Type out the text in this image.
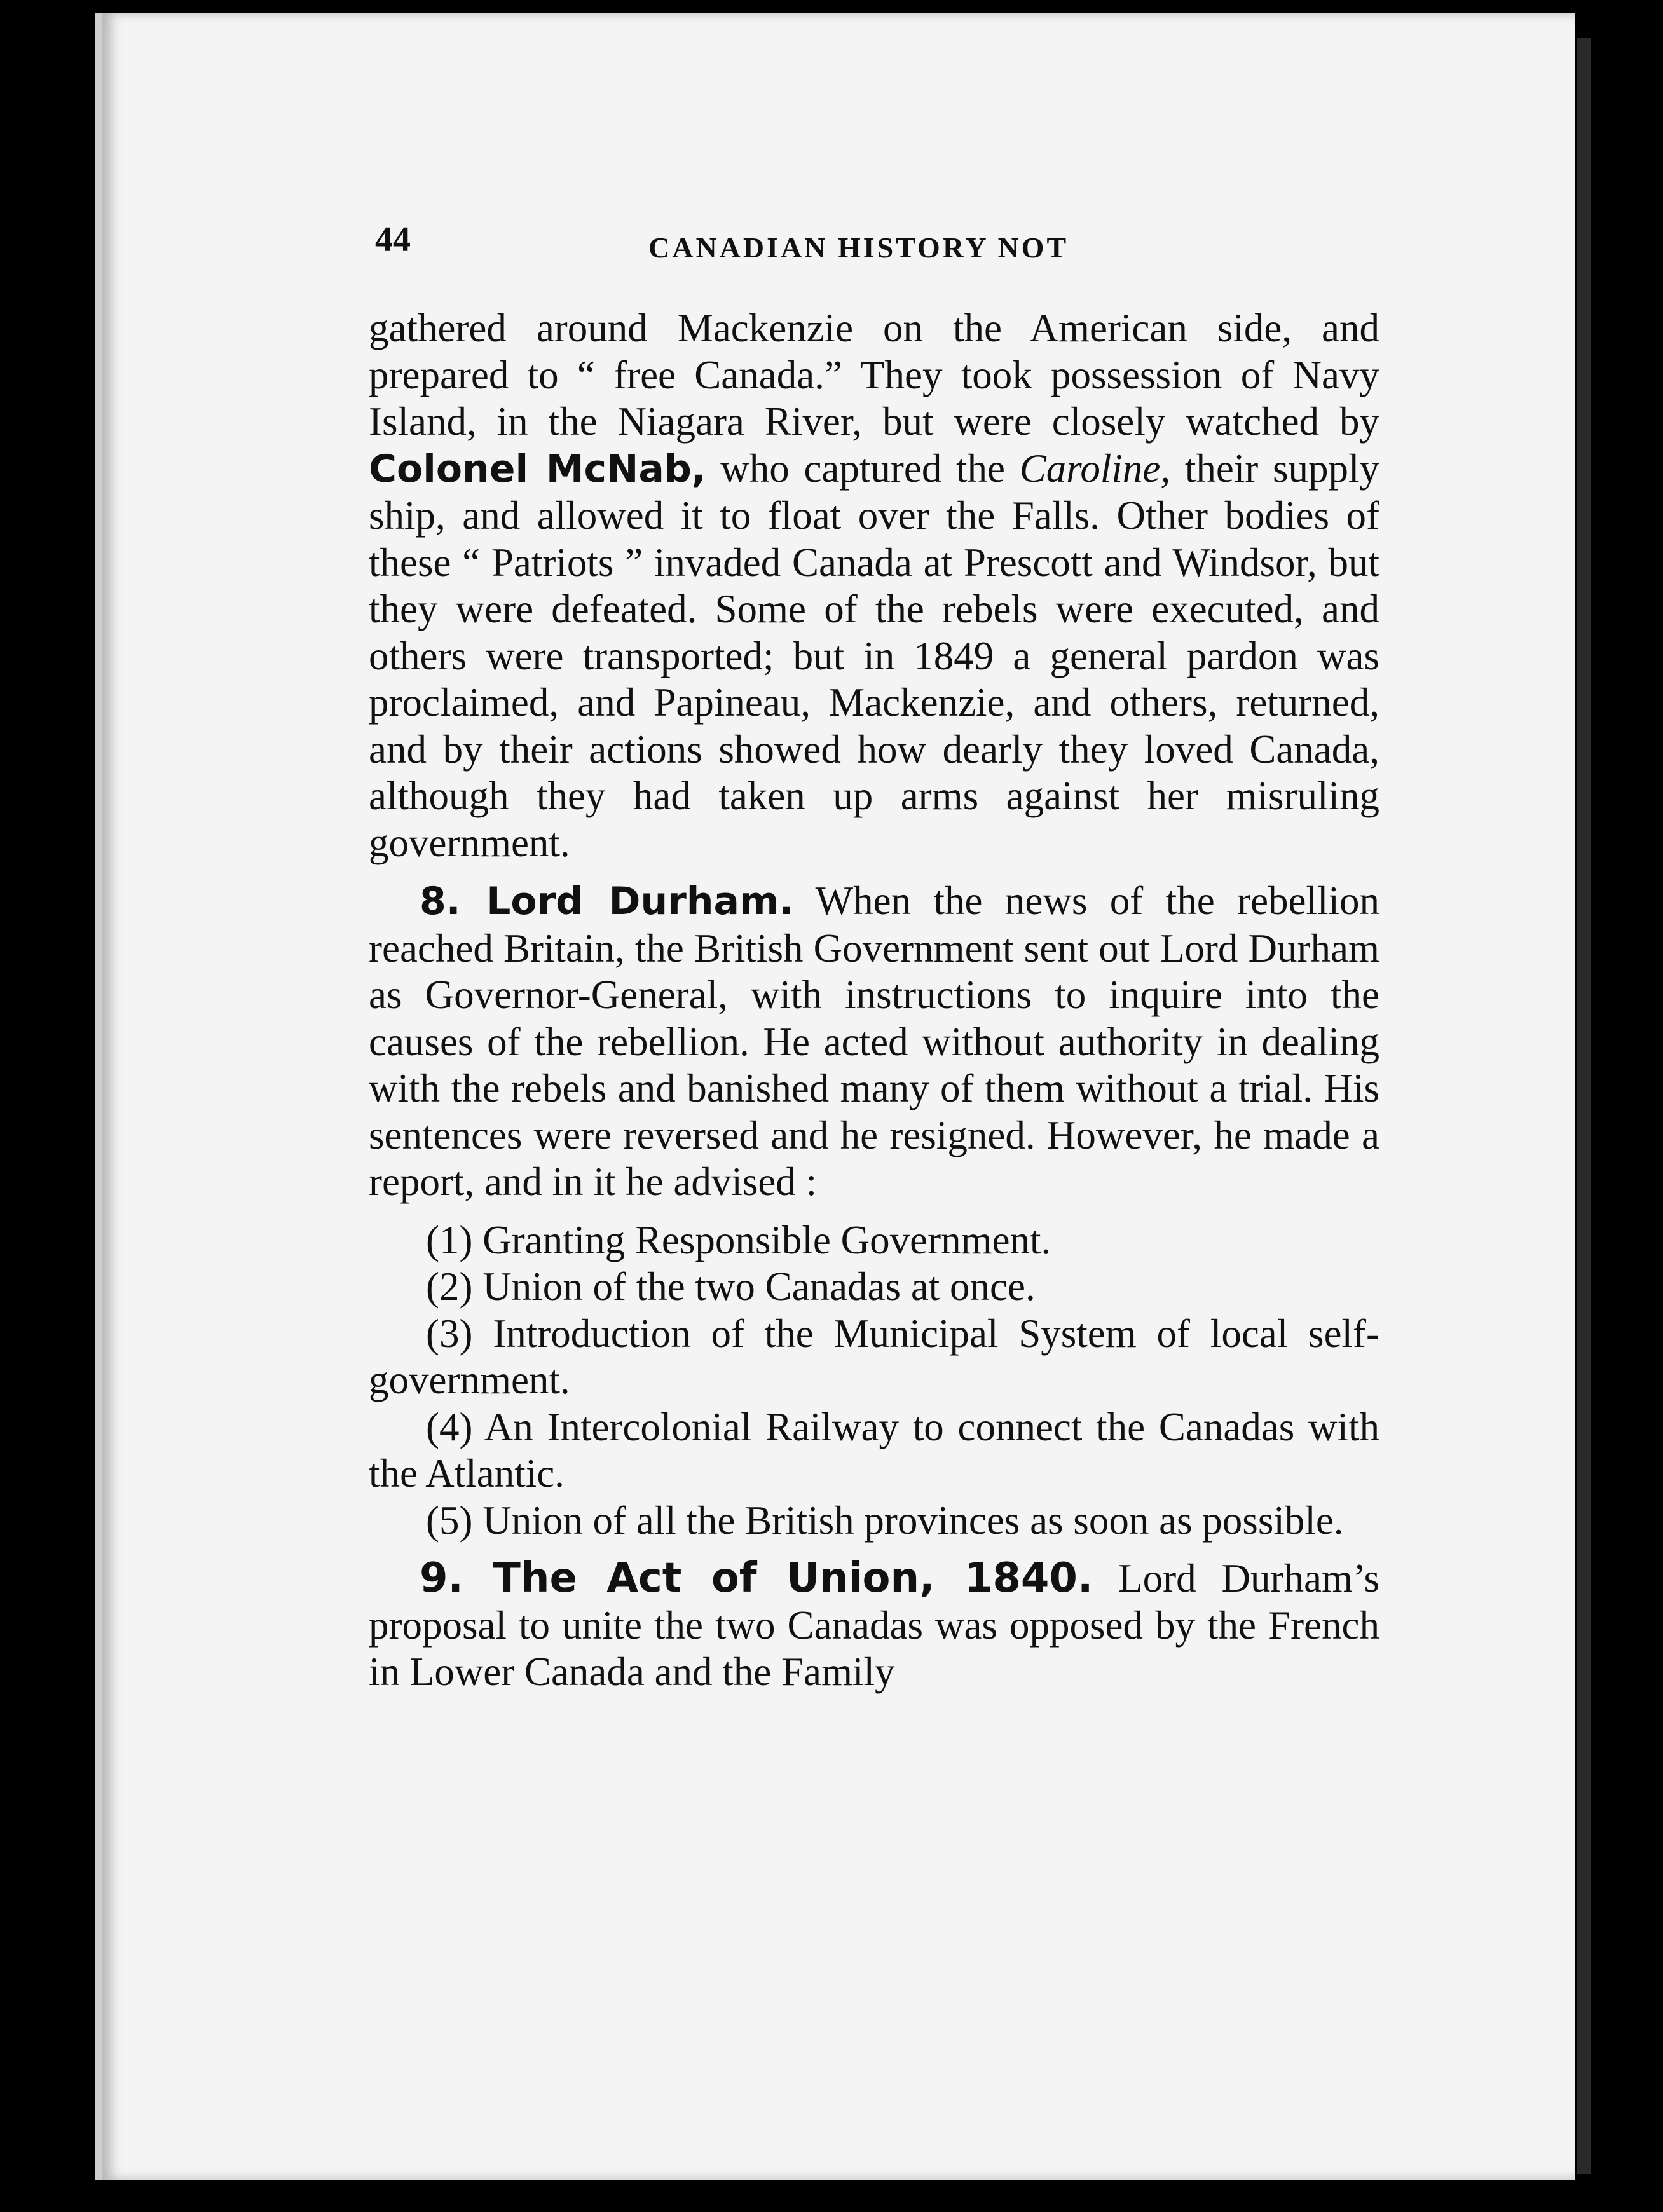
44	CANADIAN HISTORY NOT

gathered around Mackenzie on the American side, and prepared to “ free Canada.” They took possession of Navy Island, in the Niagara River, but were closely watched by Colonel McNab, who captured the Caroline, their supply ship, and allowed it to float over the Falls. Other bodies of these “ Patriots ” invaded Canada at Prescott and Windsor, but they were defeated. Some of the rebels were executed, and others were transported; but in 1849 a general pardon was proclaimed, and Papineau, Mackenzie, and others, returned, and by their actions showed how dearly they loved Canada, although they had taken up arms against her misruling government.

8. Lord Durham. When the news of the rebellion reached Britain, the British Government sent out Lord Durham as Governor-General, with instructions to inquire into the causes of the rebellion. He acted without authority in dealing with the rebels and banished many of them without a trial. His sentences were reversed and he resigned. However, he made a report, and in it he advised :

(1) Granting Responsible Government.

(2) Union of the two Canadas at once.

(3) Introduction of the Municipal System of local self-government.

(4) An Intercolonial Railway to connect the Canadas with the Atlantic.

(5) Union of all the British provinces as soon as possible.

9. The Act of Union, 1840. Lord Durham’s proposal to unite the two Canadas was opposed by the French in Lower Canada and the Family
